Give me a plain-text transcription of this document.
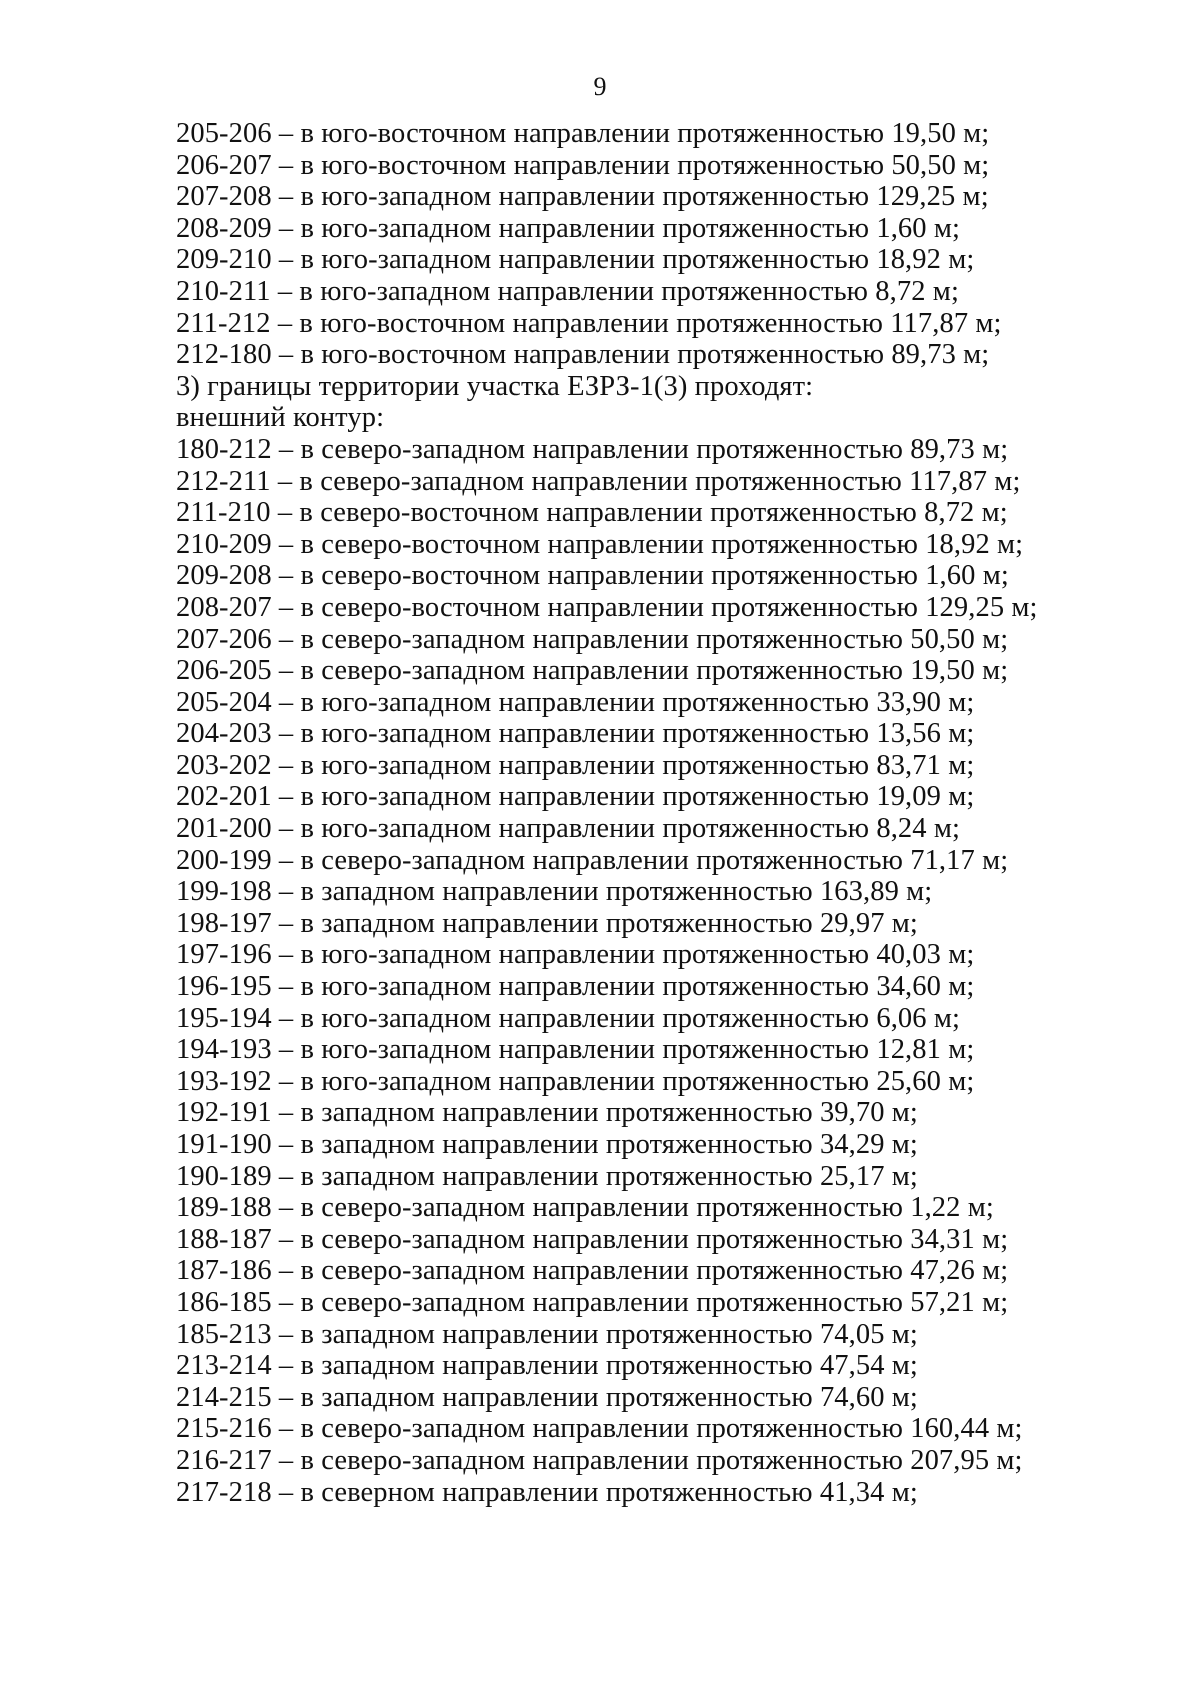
9
205-206 – в юго-восточном направлении протяженностью 19,50 м;
206-207 – в юго-восточном направлении протяженностью 50,50 м;
207-208 – в юго-западном направлении протяженностью 129,25 м;
208-209 – в юго-западном направлении протяженностью 1,60 м;
209-210 – в юго-западном направлении протяженностью 18,92 м;
210-211 – в юго-западном направлении протяженностью 8,72 м;
211-212 – в юго-восточном направлении протяженностью 117,87 м;
212-180 – в юго-восточном направлении протяженностью 89,73 м;
3) границы территории участка ЕЗРЗ-1(3) проходят:
внешний контур:
180-212 – в северо-западном направлении протяженностью 89,73 м;
212-211 – в северо-западном направлении протяженностью 117,87 м;
211-210 – в северо-восточном направлении протяженностью 8,72 м;
210-209 – в северо-восточном направлении протяженностью 18,92 м;
209-208 – в северо-восточном направлении протяженностью 1,60 м;
208-207 – в северо-восточном направлении протяженностью 129,25 м;
207-206 – в северо-западном направлении протяженностью 50,50 м;
206-205 – в северо-западном направлении протяженностью 19,50 м;
205-204 – в юго-западном направлении протяженностью 33,90 м;
204-203 – в юго-западном направлении протяженностью 13,56 м;
203-202 – в юго-западном направлении протяженностью 83,71 м;
202-201 – в юго-западном направлении протяженностью 19,09 м;
201-200 – в юго-западном направлении протяженностью 8,24 м;
200-199 – в северо-западном направлении протяженностью 71,17 м;
199-198 – в западном направлении протяженностью 163,89 м;
198-197 – в западном направлении протяженностью 29,97 м;
197-196 – в юго-западном направлении протяженностью 40,03 м;
196-195 – в юго-западном направлении протяженностью 34,60 м;
195-194 – в юго-западном направлении протяженностью 6,06 м;
194-193 – в юго-западном направлении протяженностью 12,81 м;
193-192 – в юго-западном направлении протяженностью 25,60 м;
192-191 – в западном направлении протяженностью 39,70 м;
191-190 – в западном направлении протяженностью 34,29 м;
190-189 – в западном направлении протяженностью 25,17 м;
189-188 – в северо-западном направлении протяженностью 1,22 м;
188-187 – в северо-западном направлении протяженностью 34,31 м;
187-186 – в северо-западном направлении протяженностью 47,26 м;
186-185 – в северо-западном направлении протяженностью 57,21 м;
185-213 – в западном направлении протяженностью 74,05 м;
213-214 – в западном направлении протяженностью 47,54 м;
214-215 – в западном направлении протяженностью 74,60 м;
215-216 – в северо-западном направлении протяженностью 160,44 м;
216-217 – в северо-западном направлении протяженностью 207,95 м;
217-218 – в северном направлении протяженностью 41,34 м;
